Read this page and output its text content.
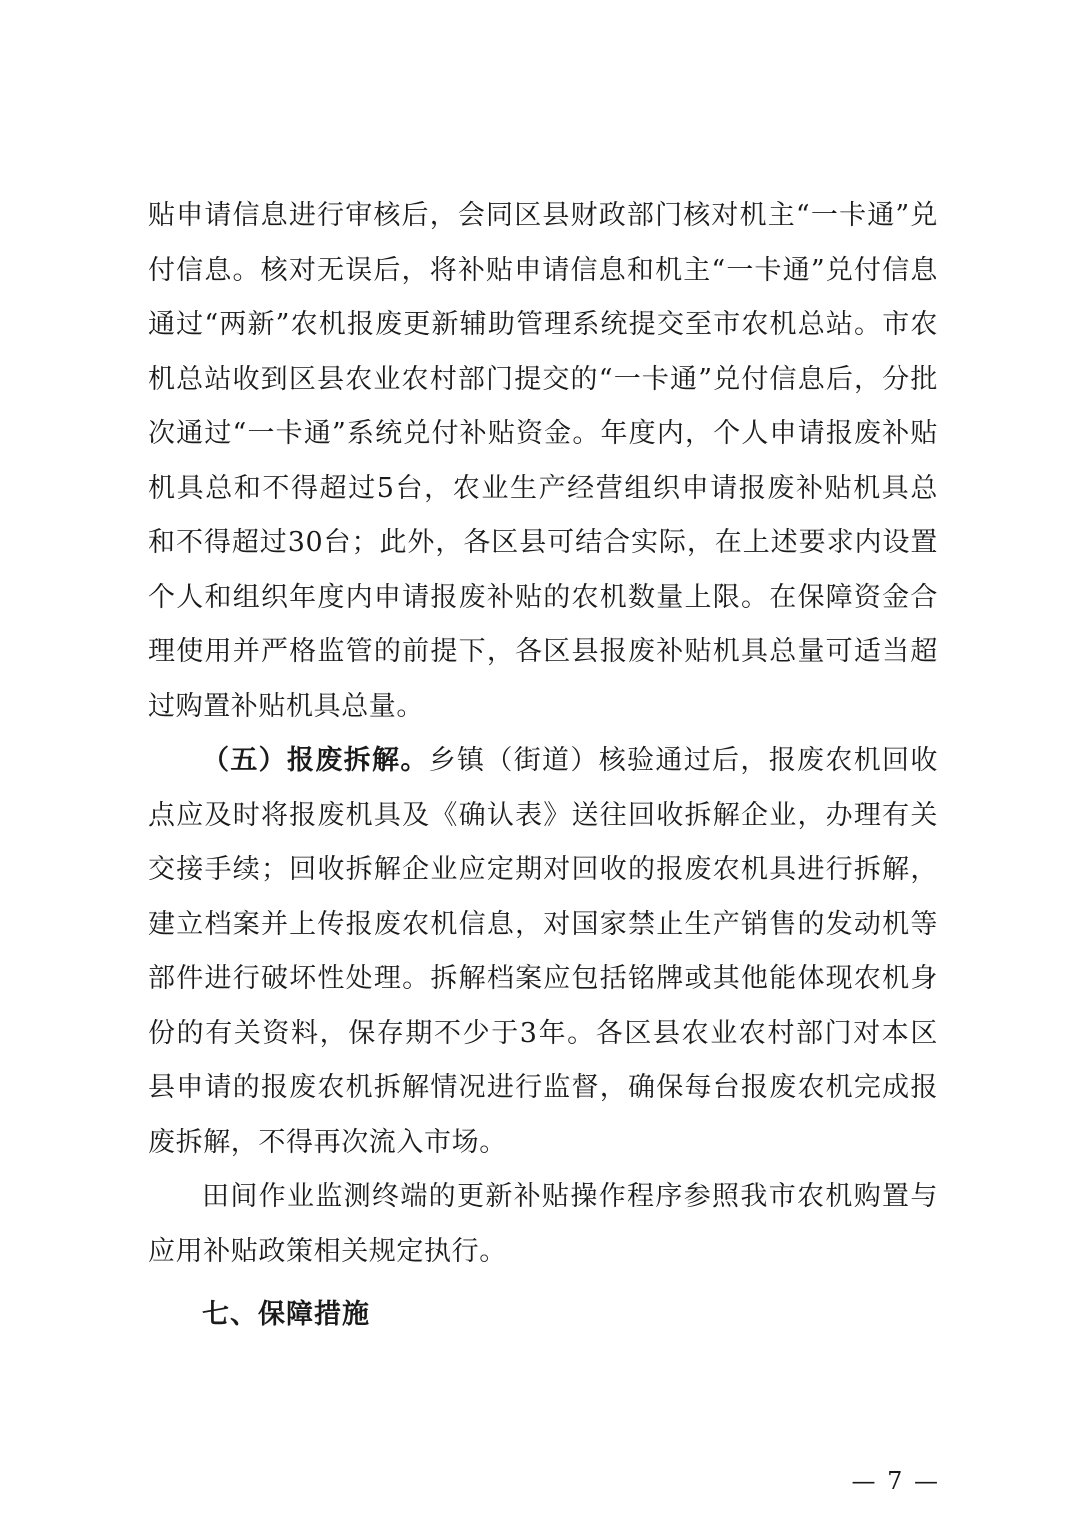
贴申请信息进行审核后，会同区县财政部门核对机主“一卡通”兑付信息。核对无误后，将补贴申请信息和机主“一卡通”兑付信息通过“两新”农机报废更新辅助管理系统提交至市农机总站。市农机总站收到区县农业农村部门提交的“一卡通”兑付信息后，分批次通过“一卡通”系统兑付补贴资金。年度内，个人申请报废补贴机具总和不得超过5台，农业生产经营组织申请报废补贴机具总和不得超过30台；此外，各区县可结合实际，在上述要求内设置个人和组织年度内申请报废补贴的农机数量上限。在保障资金合理使用并严格监管的前提下，各区县报废补贴机具总量可适当超过购置补贴机具总量。

（五）报废拆解。乡镇（街道）核验通过后，报废农机回收点应及时将报废机具及《确认表》送往回收拆解企业，办理有关交接手续；回收拆解企业应定期对回收的报废农机具进行拆解，建立档案并上传报废农机信息，对国家禁止生产销售的发动机等部件进行破坏性处理。拆解档案应包括铭牌或其他能体现农机身份的有关资料，保存期不少于3年。各区县农业农村部门对本区县申请的报废农机拆解情况进行监督，确保每台报废农机完成报废拆解，不得再次流入市场。

田间作业监测终端的更新补贴操作程序参照我市农机购置与应用补贴政策相关规定执行。

七、保障措施
— 7 —
